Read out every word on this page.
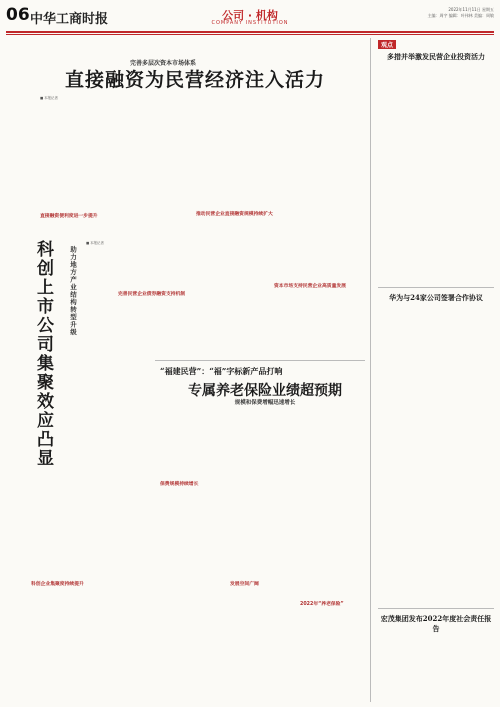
06 中华工商时报	公司 · 机构
COMPANY INSTITUTION
2022年11月11日 星期五
主编：周宇 编辑：叶伟林 美编：周敏
完善多层次资本市场体系
直接融资为民营经济注入活力
■ 本报记者
直接融资便利度进一步提升
完善民营企业债券融资支持机制
推动民营企业直接融资规模持续扩大
资本市场支持民营企业高质量发展
科创上市公司集聚效应凸显	助力地方产业结构转型升级
■ 本报记者
科创企业集聚度持续提升
“福建民营”：“福”字标新产品打响
专属养老保险业绩超预期
规模和保费增幅迅速增长
保费规模持续增长
发展空间广阔
2022年“养老保险”
观点
多措并举激发民营企业投资活力
华为与24家公司签署合作协议
宏茂集团发布2022年度社会责任报告
